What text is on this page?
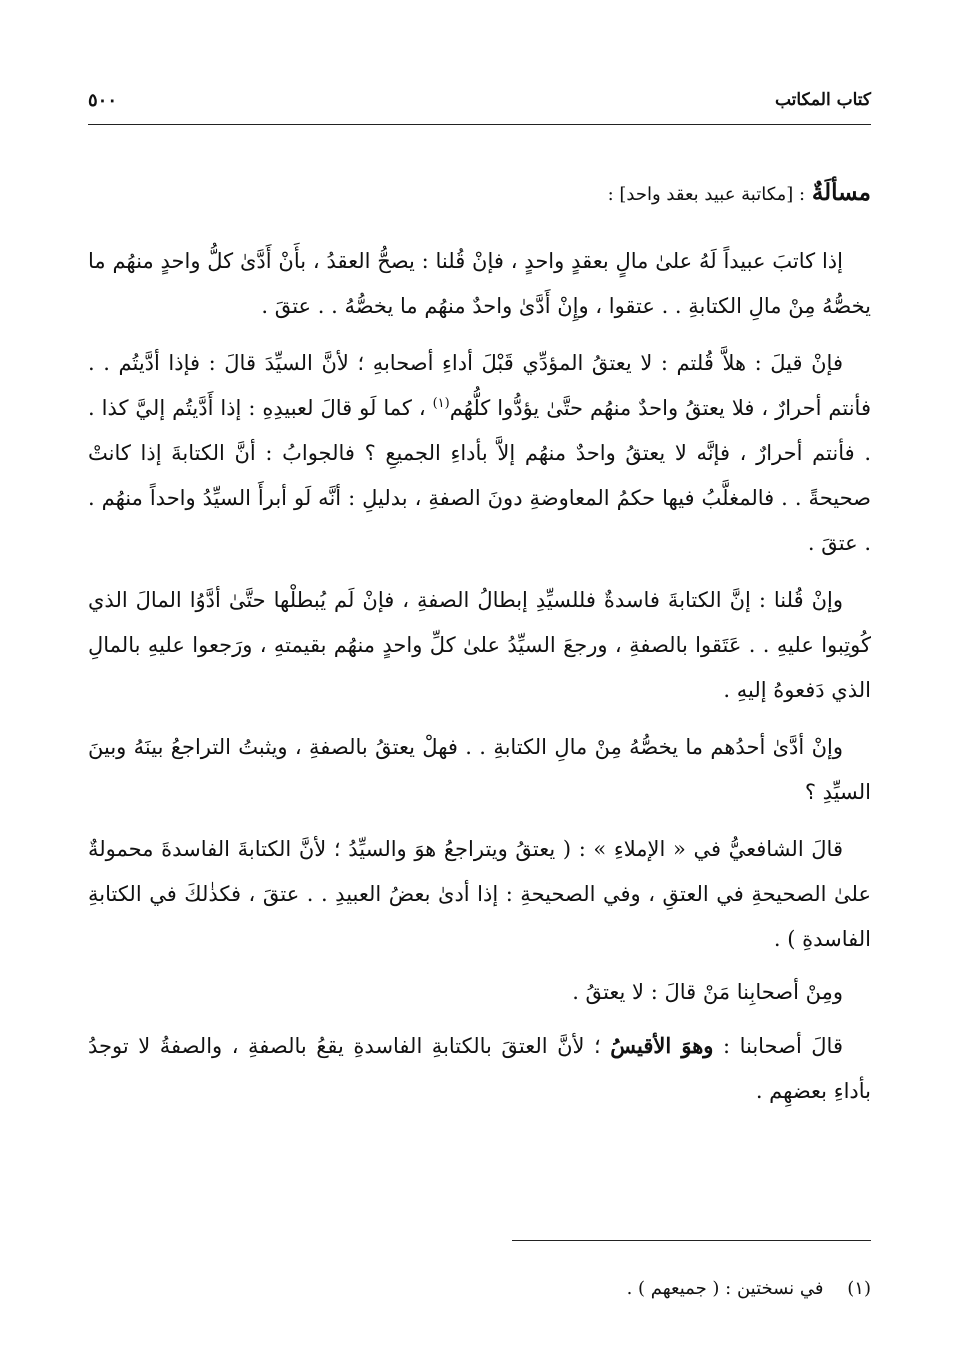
كتاب المكاتب
٥٠٠

مسألَةٌ : [مكاتبة عبيد بعقد واحد] :

إذا كاتبَ عبيداً لَهُ علىٰ مالٍ بعقدٍ واحدٍ ، فإنْ قُلنا : يصحُّ العقدُ ، بأَنْ أَدَّىٰ كلُّ واحدٍ منهُم ما يخصُّهُ مِنْ مالِ الكتابةِ . . عتقوا ، وإِنْ أَدَّىٰ واحدٌ منهُم ما يخصُّهُ . . عتقَ .

فإنْ قيلَ : هلاَّ قُلتم : لا يعتقُ المؤدِّي قَبْلَ أداءِ أصحابهِ ؛ لأنَّ السيِّدَ قالَ : فإذا أدَّيتُم . . فأنتم أحرارٌ ، فلا يعتقُ واحدٌ منهُم حتَّىٰ يؤدُّوا كلُّهُم$^{(١)}$ ، كما لَو قالَ لعبيدِهِ : إذا أَدَّيتُم إليَّ كذا . . فأنتم أحرارٌ ، فإنَّه لا يعتقُ واحدٌ منهُم إلاَّ بأداءِ الجميعِ ؟ فالجوابُ : أنَّ الكتابةَ إذا كانتْ صحيحةً . . فالمغلَّبُ فيها حكمُ المعاوضةِ دونَ الصفةِ ، بدليلِ : أنَّه لَو أبرأَ السيِّدُ واحداً منهُم . . عتقَ .

وإنْ قُلنا : إنَّ الكتابةَ فاسدةٌ فللسيِّدِ إبطالُ الصفةِ ، فإنْ لَم يُبطلْها حتَّىٰ أدَّوُا المالَ الذي كُوتِبوا عليهِ . . عَتَقوا بالصفةِ ، ورجعَ السيِّدُ علىٰ كلِّ واحدٍ منهُم بقيمتهِ ، ورَجعوا عليهِ بالمالِ الذي دَفعوهُ إليهِ .

وإنْ أدَّىٰ أحدُهم ما يخصُّهُ مِنْ مالِ الكتابةِ . . فهلْ يعتقُ بالصفةِ ، ويثبتُ التراجعُ بينَهُ وبينَ السيِّدِ ؟

قالَ الشافعيُّ في « الإملاءِ » : ( يعتقُ ويتراجعُ هوَ والسيِّدُ ؛ لأنَّ الكتابةَ الفاسدةَ محمولةٌ علىٰ الصحيحةِ في العتقِ ، وفي الصحيحةِ : إذا أدىٰ بعضُ العبيدِ . . عتقَ ، فكذٰلكَ في الكتابةِ الفاسدةِ ) .

ومِنْ أصحابِنا مَنْ قالَ : لا يعتقُ .

قالَ أصحابنا : وهوَ الأقيسُ ؛ لأنَّ العتقَ بالكتابةِ الفاسدةِ يقعُ بالصفةِ ، والصفةُ لا توجدُ بأداءِ بعضهِم .

(١) في نسختين : ( جميعهم ) .
